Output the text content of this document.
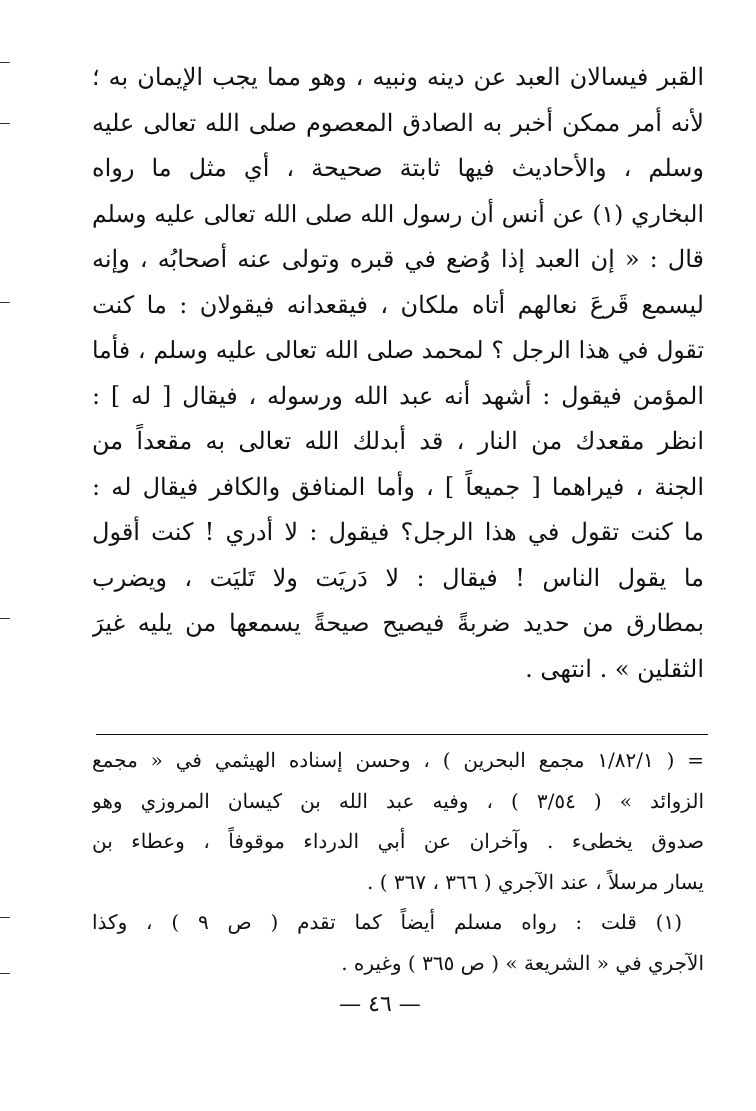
القبر فيسالان العبد عن دينه ونبيه ، وهو مما يجب الإيمان به ؛
لأنه أمر ممكن أخبر به الصادق المعصوم صلى الله تعالى عليه
وسلم ، والأحاديث فيها ثابتة صحيحة ، أي مثل ما رواه
البخاري (١) عن أنس أن رسول الله صلى الله تعالى عليه وسلم
قال : « إن العبد إذا وُضع في قبره وتولى عنه أصحابُه ، وإنه
ليسمع قَرعَ نعالهم أتاه ملكان ، فيقعدانه فيقولان : ما كنت
تقول في هذا الرجل ؟ لمحمد صلى الله تعالى عليه وسلم ، فأما
المؤمن فيقول : أشهد أنه عبد الله ورسوله ، فيقال [ له ] :
انظر مقعدك من النار ، قد أبدلك الله تعالى به مقعداً من
الجنة ، فيراهما [ جميعاً ] ، وأما المنافق والكافر فيقال له :
ما كنت تقول في هذا الرجل؟ فيقول : لا أدري ! كنت أقول
ما يقول الناس ! فيقال : لا دَريَت ولا تَليَت ، ويضرب
بمطارق من حديد ضربةً فيصيح صيحةً يسمعها من يليه غيرَ
الثقلين » . انتهى .
= ( ١/٨٢/١ مجمع البحرين ) ، وحسن إسناده الهيثمي في « مجمع
الزوائد » ( ٣/٥٤ ) ، وفيه عبد الله بن كيسان المروزي وهو
صدوق يخطىء . وآخران عن أبي الدرداء موقوفاً ، وعطاء بن
يسار مرسلاً ، عند الآجري ( ٣٦٦ ، ٣٦٧ ) .
(١) قلت : رواه مسلم أيضاً كما تقدم ( ص ٩ ) ، وكذا
الآجري في « الشريعة » ( ص ٣٦٥ ) وغيره .
— ٤٦ —
